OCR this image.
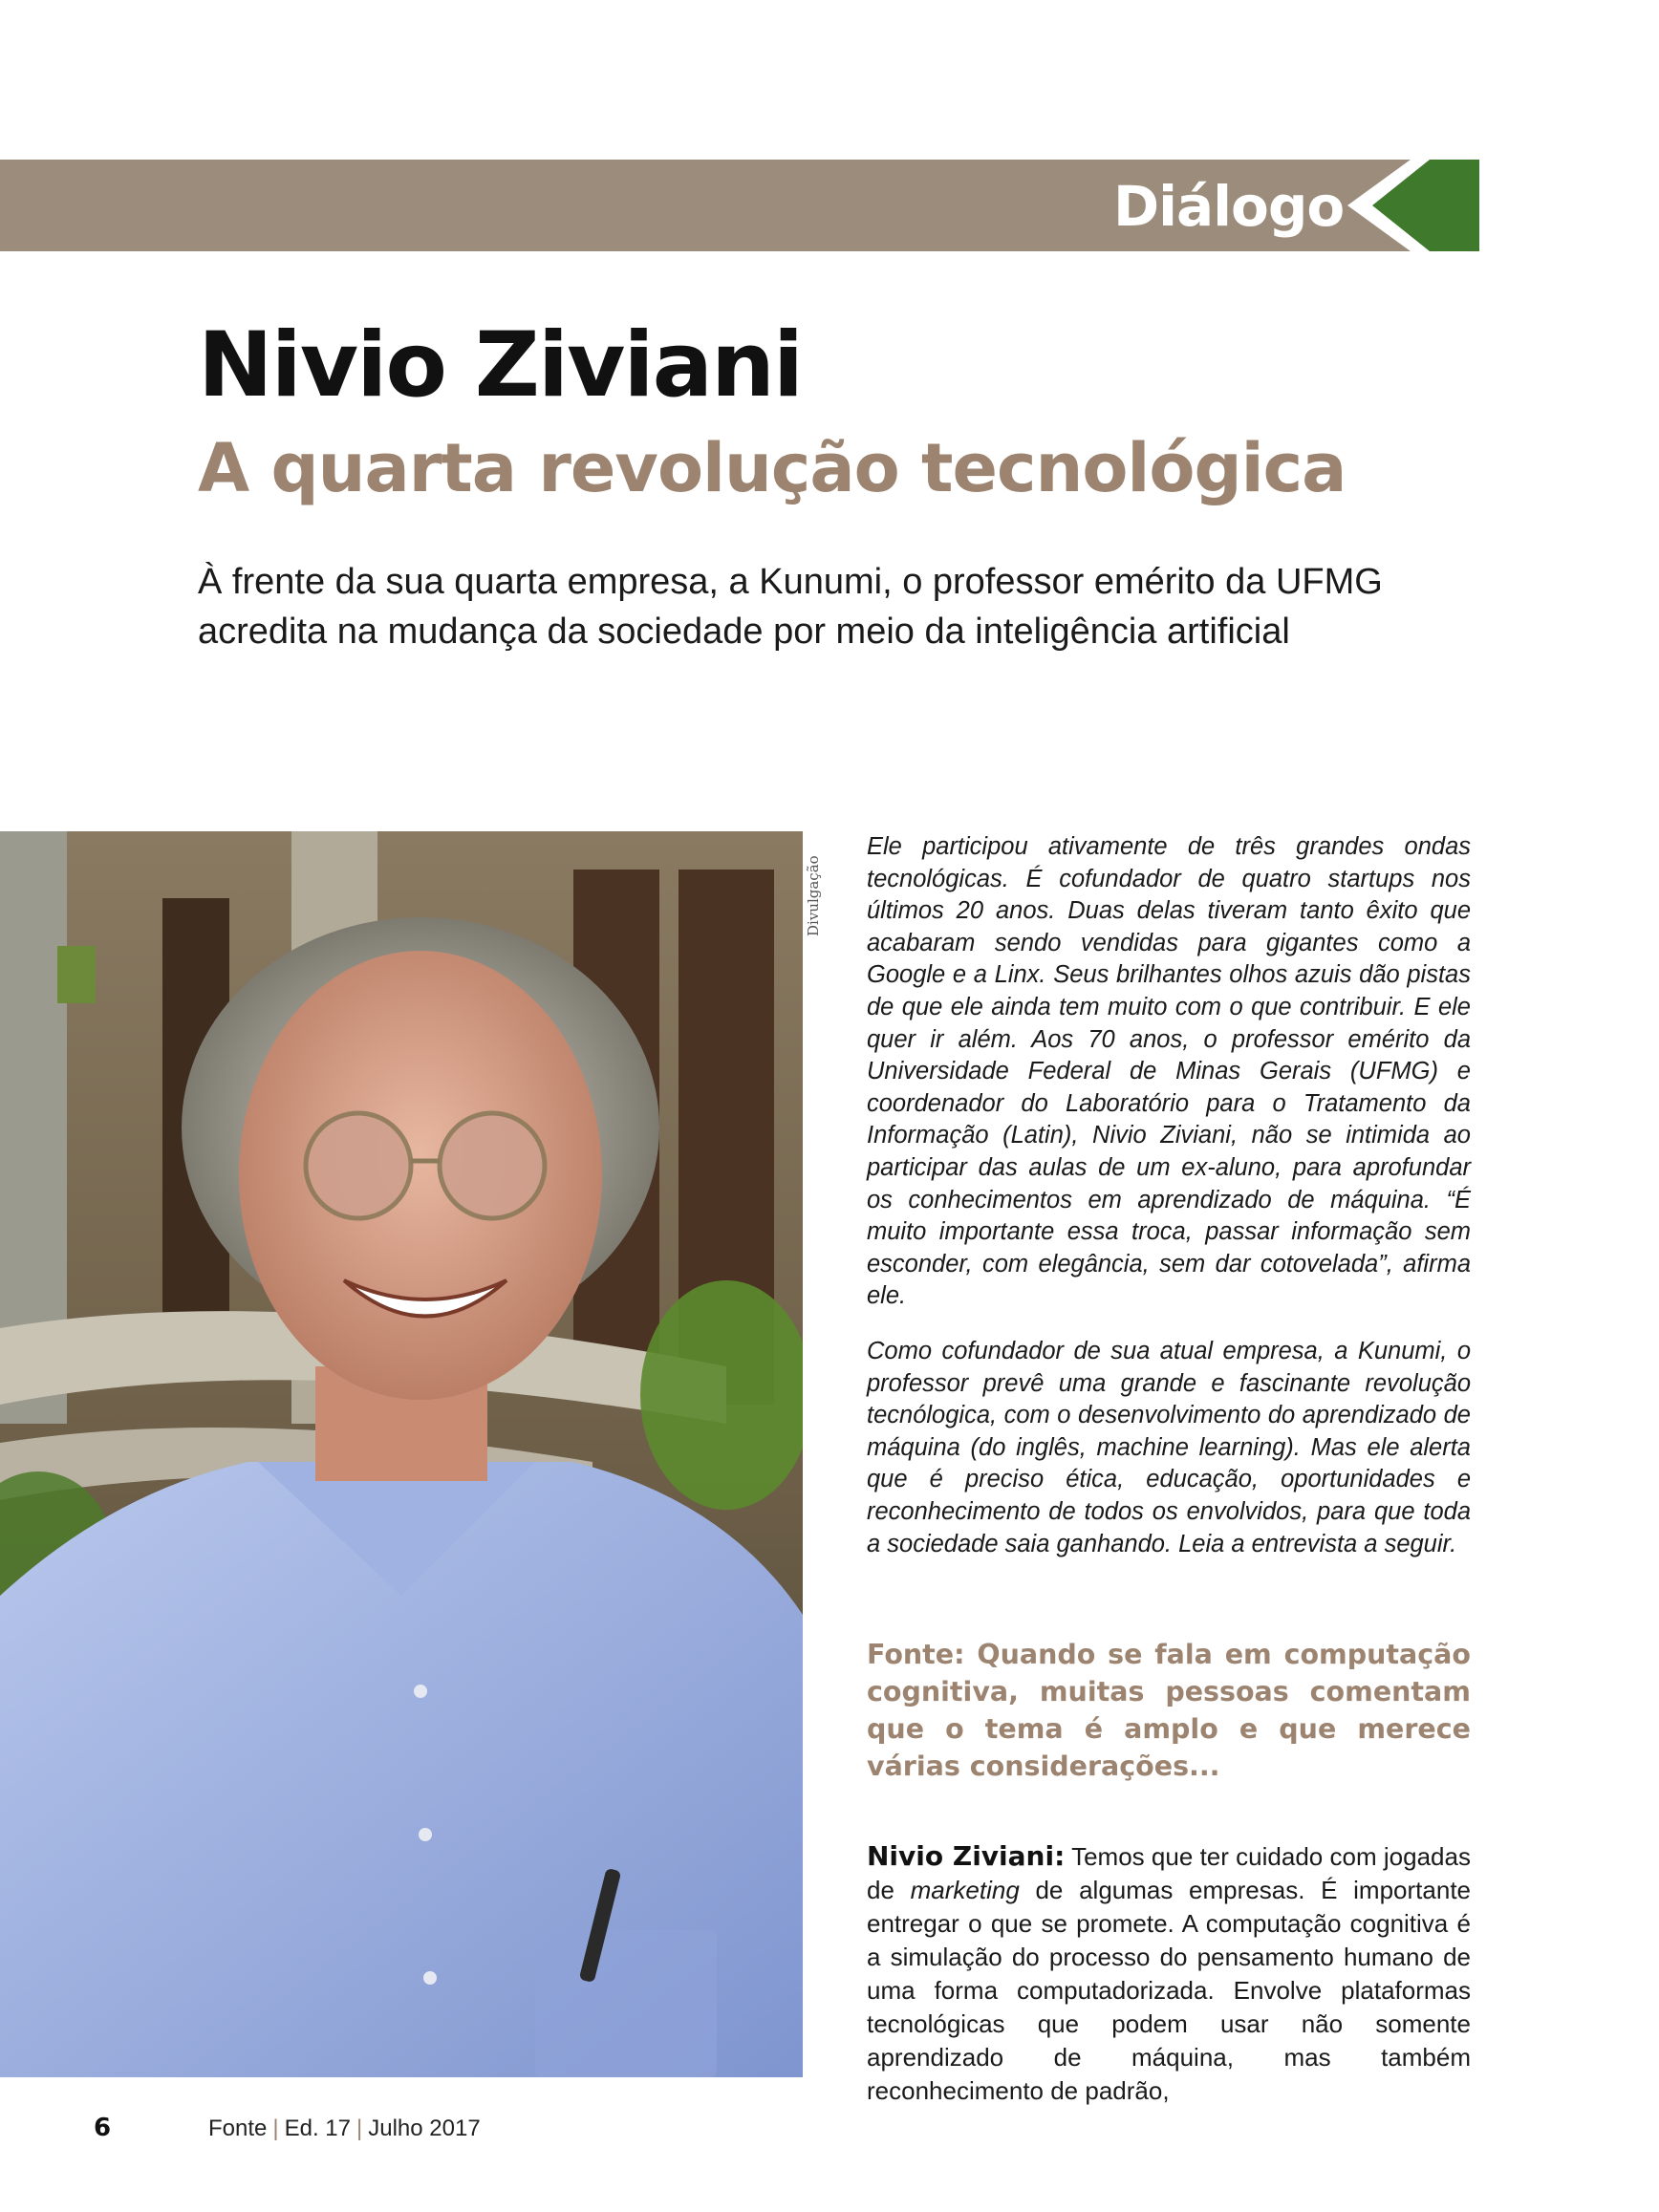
Diálogo
Nivio Ziviani
A quarta revolução tecnológica

À frente da sua quarta empresa, a Kunumi, o professor emérito da UFMG acredita na mudança da sociedade por meio da inteligência artificial

Divulgação

Ele participou ativamente de três grandes ondas tecnológicas. É cofundador de quatro startups nos últimos 20 anos. Duas delas tiveram tanto êxito que acabaram sendo vendidas para gigantes como a Google e a Linx. Seus brilhantes olhos azuis dão pistas de que ele ainda tem muito com o que contribuir. E ele quer ir além. Aos 70 anos, o professor emérito da Universidade Federal de Minas Gerais (UFMG) e coordenador do Laboratório para o Tratamento da Informação (Latin), Nivio Ziviani, não se intimida ao participar das aulas de um ex-aluno, para aprofundar os conhecimentos em aprendizado de máquina. “É muito importante essa troca, passar informação sem esconder, com elegância, sem dar cotovelada”, afirma ele.

Como cofundador de sua atual empresa, a Kunumi, o professor prevê uma grande e fascinante revolução tecnólogica, com o desenvolvimento do aprendizado de máquina (do inglês, machine learning). Mas ele alerta que é preciso ética, educação, oportunidades e reconhecimento de todos os envolvidos, para que toda a sociedade saia ganhando. Leia a entrevista a seguir.

Fonte: Quando se fala em computação cognitiva, muitas pessoas comentam que o tema é amplo e que merece várias considerações...

Nivio Ziviani: Temos que ter cuidado com jogadas de marketing de algumas empresas. É importante entregar o que se promete. A computação cognitiva é a simulação do processo do pensamento humano de uma forma computadorizada. Envolve plataformas tecnológicas que podem usar não somente aprendizado de máquina, mas também reconhecimento de padrão,

6	Fonte | Ed. 17 | Julho 2017
